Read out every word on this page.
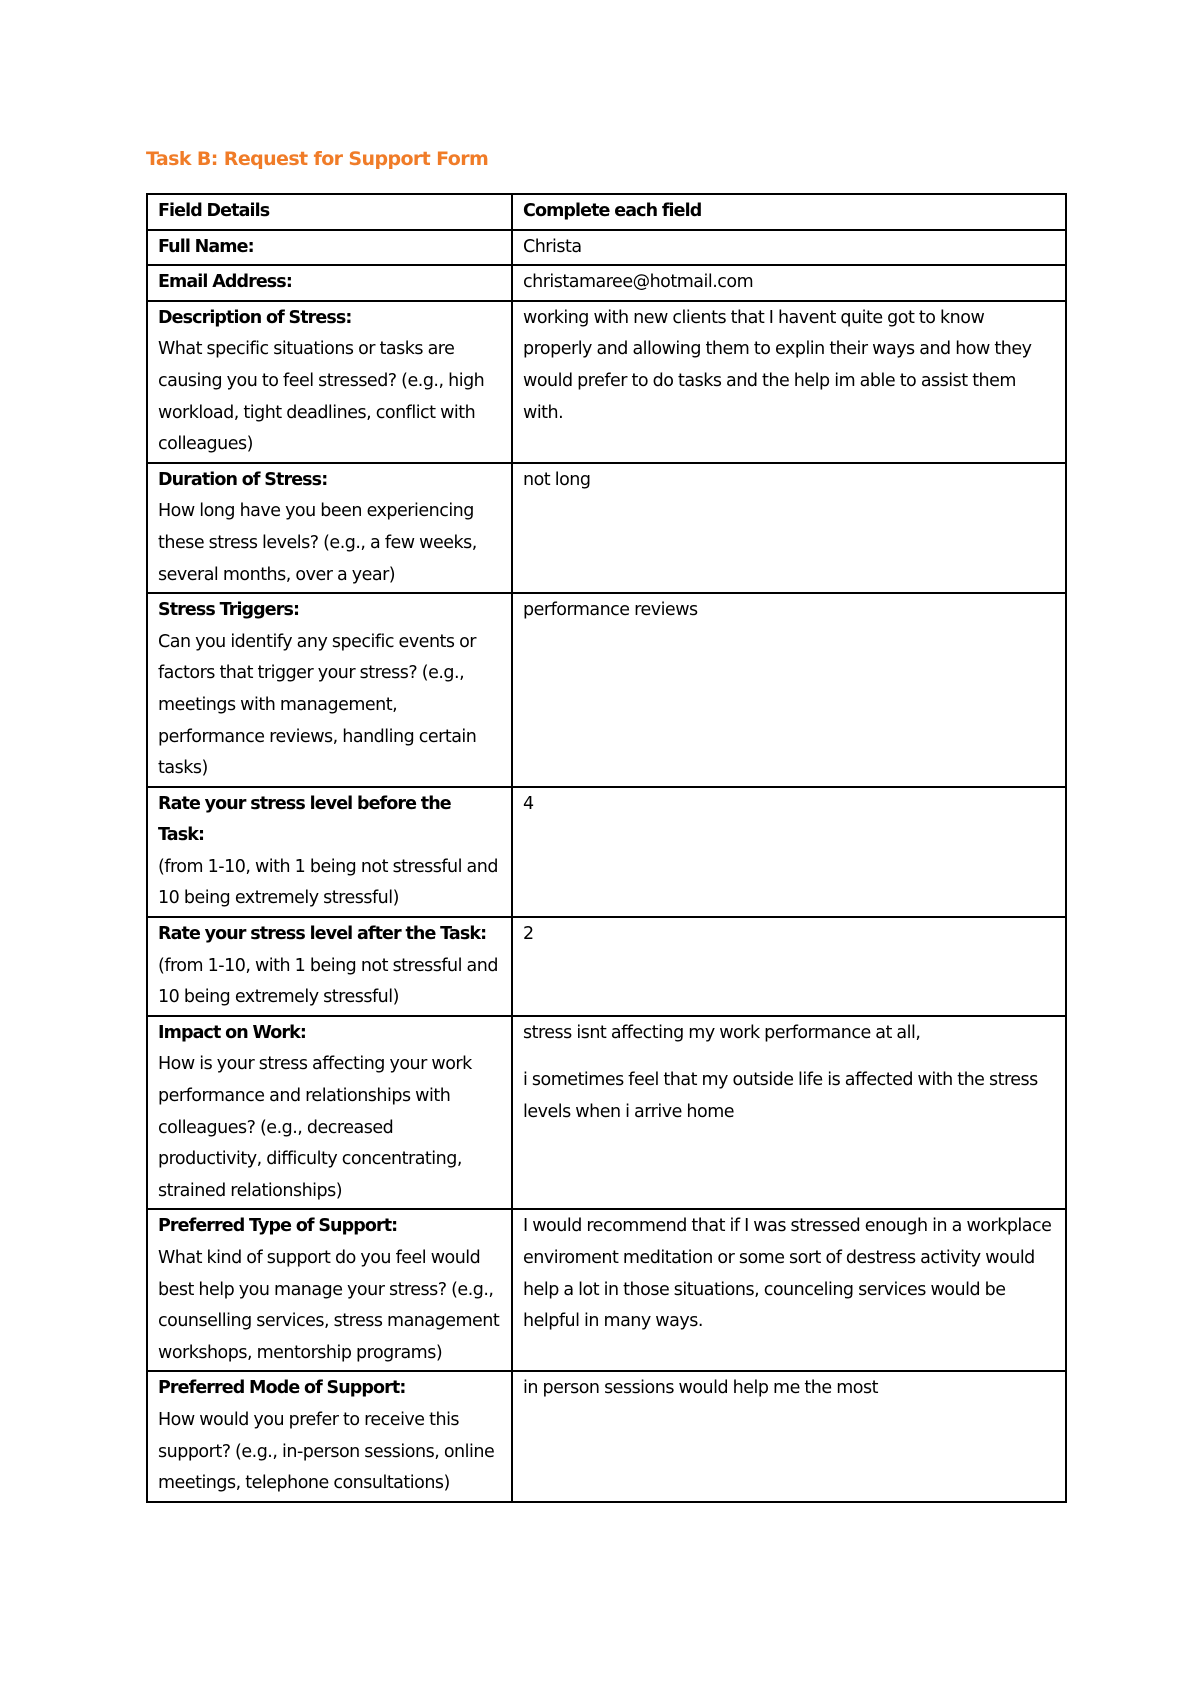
Task B: Request for Support Form
Field Details	Complete each field

Full Name:	Christa

Email Address:	christamaree@hotmail.com

Description of Stress:
What specific situations or tasks are causing you to feel stressed? (e.g., high workload, tight deadlines, conflict with colleagues)	working with new clients that I havent quite got to know properly and allowing them to explin their ways and how they would prefer to do tasks and the help im able to assist them with.

Duration of Stress:
How long have you been experiencing these stress levels? (e.g., a few weeks, several months, over a year)	not long

Stress Triggers:
Can you identify any specific events or factors that trigger your stress? (e.g., meetings with management, performance reviews, handling certain tasks)	performance reviews

Rate your stress level before the Task:
(from 1-10, with 1 being not stressful and 10 being extremely stressful)	4

Rate your stress level after the Task:
(from 1-10, with 1 being not stressful and 10 being extremely stressful)	2

Impact on Work:
How is your stress affecting your work performance and relationships with colleagues? (e.g., decreased productivity, difficulty concentrating, strained relationships)	stress isnt affecting my work performance at all,
i sometimes feel that my outside life is affected with the stress levels when i arrive home

Preferred Type of Support:
What kind of support do you feel would best help you manage your stress? (e.g., counselling services, stress management workshops, mentorship programs)	I would recommend that if I was stressed enough in a workplace enviroment meditation or some sort of destress activity would help a lot in those situations, counceling services would be helpful in many ways.

Preferred Mode of Support:
How would you prefer to receive this support? (e.g., in-person sessions, online meetings, telephone consultations)	in person sessions would help me the most
